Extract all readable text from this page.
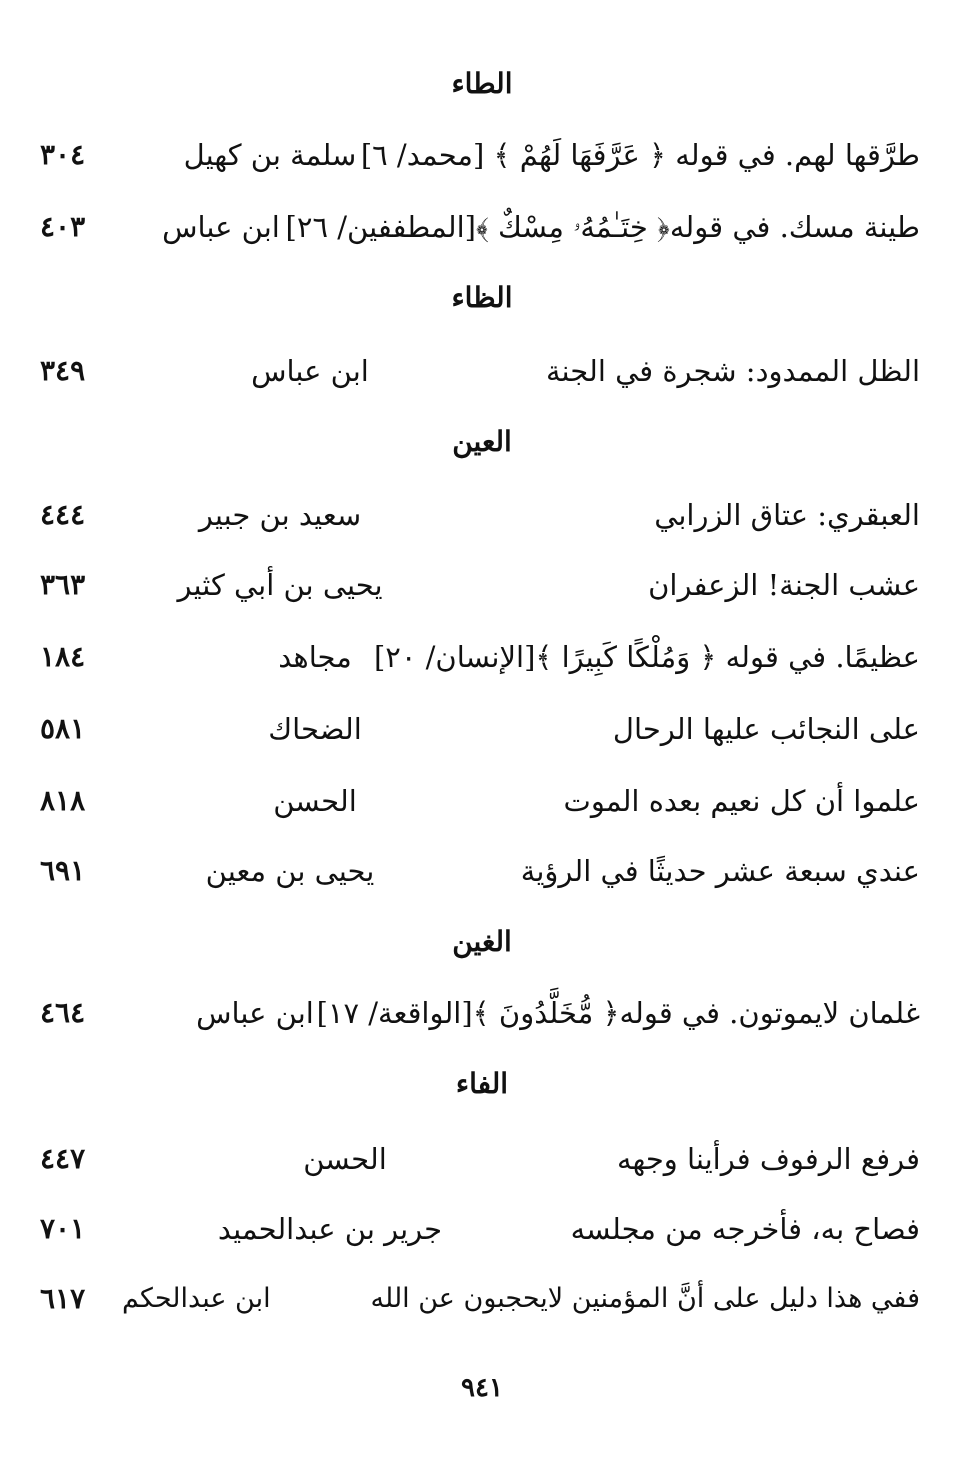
الطاء
طرَّقها لهم. في قوله ﴿ عَرَّفَهَا لَهُمْ ﴾ [محمد/ ٦]
سلمة بن كهيل
٣٠٤
طينة مسك. في قوله﴿ خِتَـٰمُهُۥ مِسْكٌ ﴾[المطففين/ ٢٦]
ابن عباس
٤٠٣
الظاء
الظل الممدود: شجرة في الجنة
ابن عباس
٣٤٩
العين
العبقري: عتاق الزرابي
سعيد بن جبير
٤٤٤
عشب الجنة! الزعفران
يحيى بن أبي كثير
٣٦٣
عظيمًا. في قوله ﴿ وَمُلْكًا كَبِيرًا ﴾[الإنسان/ ٢٠]
مجاهد
١٨٤
على النجائب عليها الرحال
الضحاك
٥٨١
علموا أن كل نعيم بعده الموت
الحسن
٨١٨
عندي سبعة عشر حديثًا في الرؤية
يحيى بن معين
٦٩١
الغين
غلمان لايموتون. في قوله﴿ مُّخَلَّدُونَ ﴾[الواقعة/ ١٧]
ابن عباس
٤٦٤
الفاء
فرفع الرفوف فرأينا وجهه
الحسن
٤٤٧
فصاح به، فأخرجه من مجلسه
جرير بن عبدالحميد
٧٠١
ففي هذا دليل على أنَّ المؤمنين لايحجبون عن الله
ابن عبدالحكم
٦١٧
٩٤١
